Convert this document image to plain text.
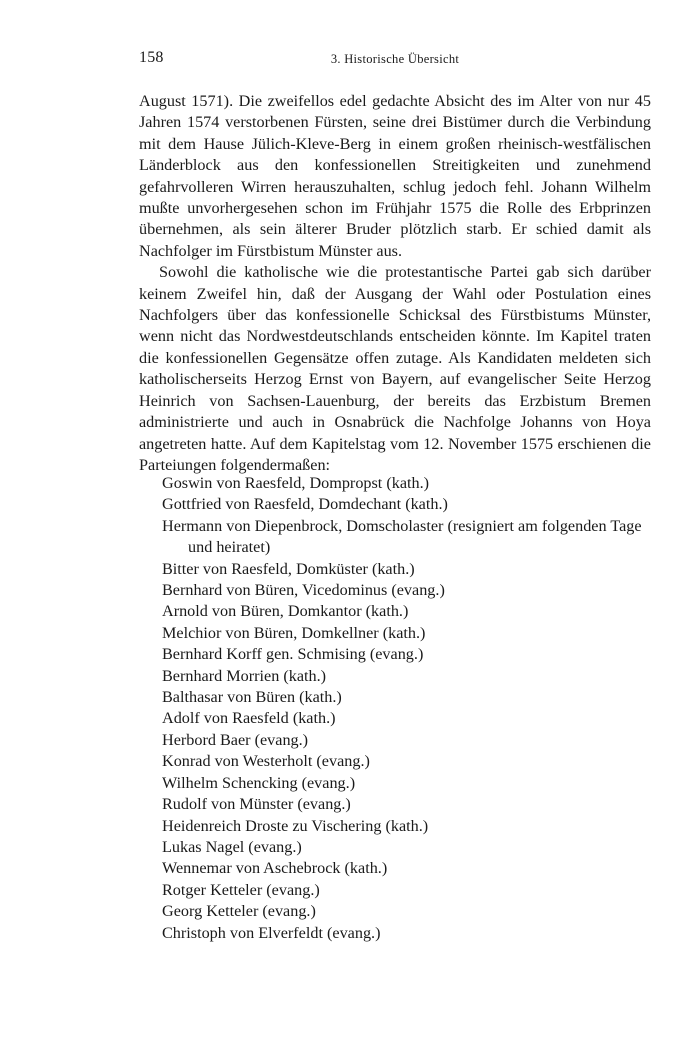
158	3. Historische Übersicht

August 1571). Die zweifellos edel gedachte Absicht des im Alter von nur 45 Jahren 1574 verstorbenen Fürsten, seine drei Bistümer durch die Verbindung mit dem Hause Jülich-Kleve-Berg in einem großen rheinisch-westfälischen Länderblock aus den konfessionellen Streitigkeiten und zunehmend gefahrvolleren Wirren herauszuhalten, schlug jedoch fehl. Johann Wilhelm mußte unvorhergesehen schon im Frühjahr 1575 die Rolle des Erbprinzen übernehmen, als sein älterer Bruder plötzlich starb. Er schied damit als Nachfolger im Fürstbistum Münster aus.

Sowohl die katholische wie die protestantische Partei gab sich darüber keinem Zweifel hin, daß der Ausgang der Wahl oder Postulation eines Nachfolgers über das konfessionelle Schicksal des Fürstbistums Münster, wenn nicht das Nordwestdeutschlands entscheiden könnte. Im Kapitel traten die konfessionellen Gegensätze offen zutage. Als Kandidaten meldeten sich katholischerseits Herzog Ernst von Bayern, auf evangelischer Seite Herzog Heinrich von Sachsen-Lauenburg, der bereits das Erzbistum Bremen administrierte und auch in Osnabrück die Nachfolge Johanns von Hoya angetreten hatte. Auf dem Kapitelstag vom 12. November 1575 erschienen die Parteiungen folgendermaßen:

Goswin von Raesfeld, Dompropst (kath.)
Gottfried von Raesfeld, Domdechant (kath.)
Hermann von Diepenbrock, Domscholaster (resigniert am folgenden Tage und heiratet)
Bitter von Raesfeld, Domküster (kath.)
Bernhard von Büren, Vicedominus (evang.)
Arnold von Büren, Domkantor (kath.)
Melchior von Büren, Domkellner (kath.)
Bernhard Korff gen. Schmising (evang.)
Bernhard Morrien (kath.)
Balthasar von Büren (kath.)
Adolf von Raesfeld (kath.)
Herbord Baer (evang.)
Konrad von Westerholt (evang.)
Wilhelm Schencking (evang.)
Rudolf von Münster (evang.)
Heidenreich Droste zu Vischering (kath.)
Lukas Nagel (evang.)
Wennemar von Aschebrock (kath.)
Rotger Ketteler (evang.)
Georg Ketteler (evang.)
Christoph von Elverfeldt (evang.)
